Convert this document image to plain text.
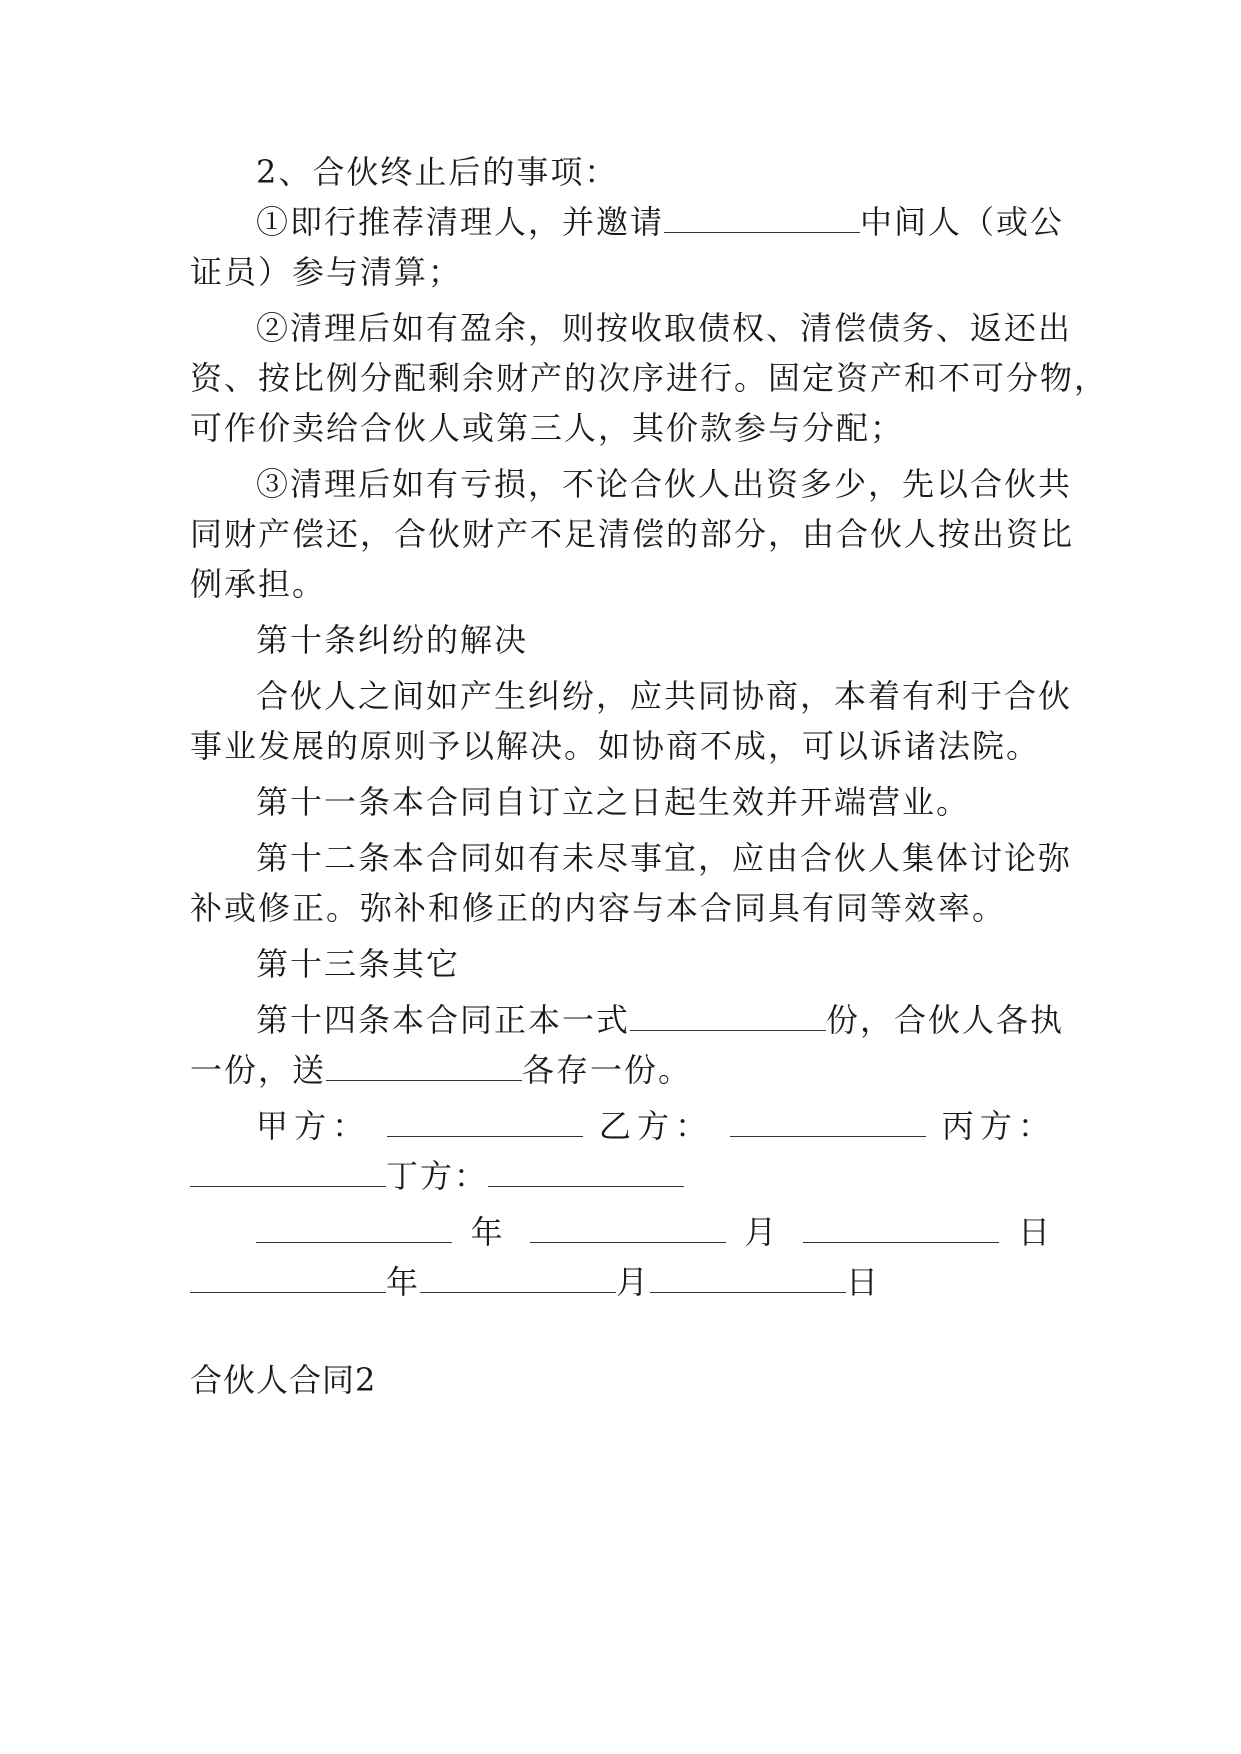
2、合伙终止后的事项：
①即行推荐清理人，并邀请	中间人（或公
证员）参与清算；
②清理后如有盈余，则按收取债权、清偿债务、返还出
资、按比例分配剩余财产的次序进行。固定资产和不可分物，
可作价卖给合伙人或第三人，其价款参与分配；
③清理后如有亏损，不论合伙人出资多少，先以合伙共
同财产偿还，合伙财产不足清偿的部分，由合伙人按出资比
例承担。
第十条纠纷的解决
合伙人之间如产生纠纷，应共同协商，本着有利于合伙
事业发展的原则予以解决。如协商不成，可以诉诸法院。
第十一条本合同自订立之日起生效并开端营业。
第十二条本合同如有未尽事宜，应由合伙人集体讨论弥
补或修正。弥补和修正的内容与本合同具有同等效率。
第十三条其它
第十四条本合同正本一式	份，合伙人各执
一份，送	各存一份。
甲方：	乙方：	丙方：
丁方：
年	月	日
年	月	日
合伙人合同2
